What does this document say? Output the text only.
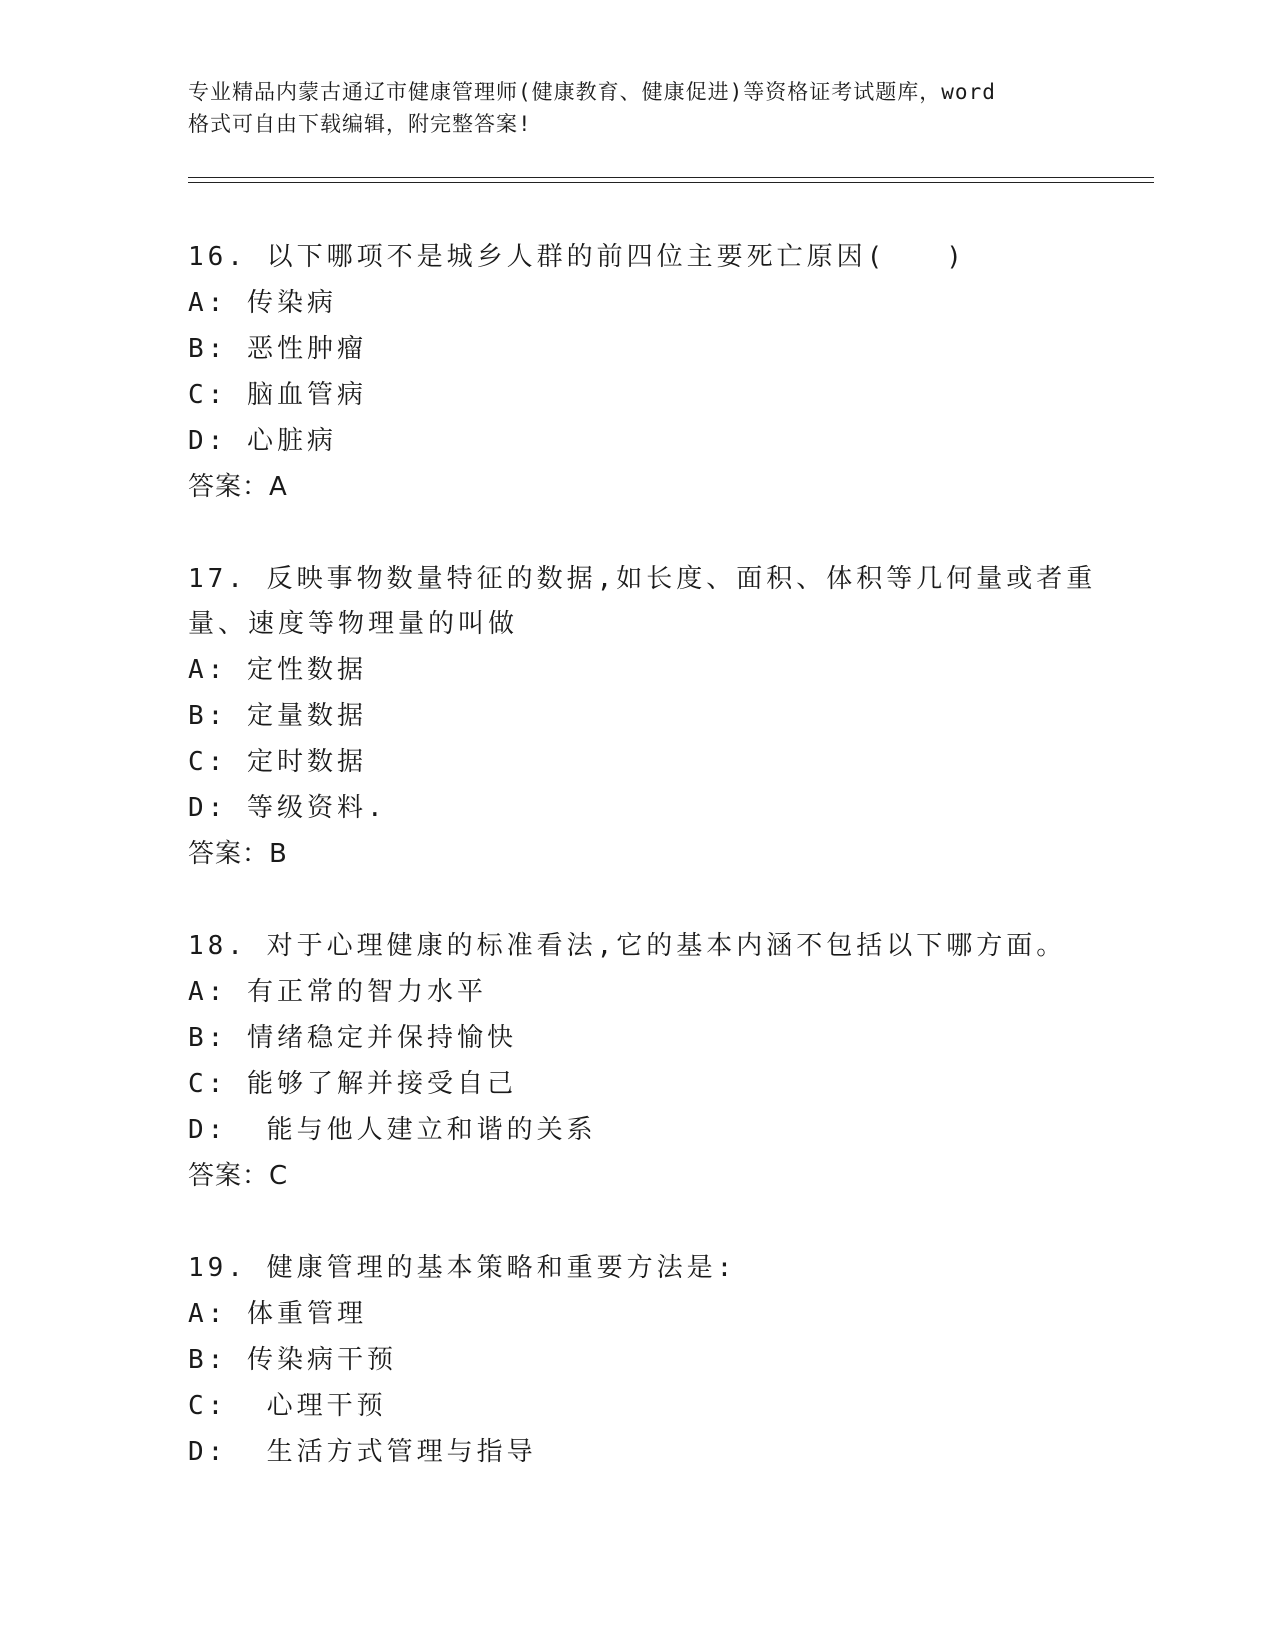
专业精品内蒙古通辽市健康管理师(健康教育、健康促进)等资格证考试题库，word
格式可自由下载编辑，附完整答案!
16. 以下哪项不是城乡人群的前四位主要死亡原因(　　)
A: 传染病
B: 恶性肿瘤
C: 脑血管病
D: 心脏病
答案：A
17. 反映事物数量特征的数据,如长度、面积、体积等几何量或者重量、速度等物理量的叫做
A: 定性数据
B: 定量数据
C: 定时数据
D: 等级资料.
答案：B
18. 对于心理健康的标准看法,它的基本内涵不包括以下哪方面。
A: 有正常的智力水平
B: 情绪稳定并保持愉快
C: 能够了解并接受自己
D:  能与他人建立和谐的关系
答案：C
19. 健康管理的基本策略和重要方法是:
A: 体重管理
B: 传染病干预
C:  心理干预
D:  生活方式管理与指导
